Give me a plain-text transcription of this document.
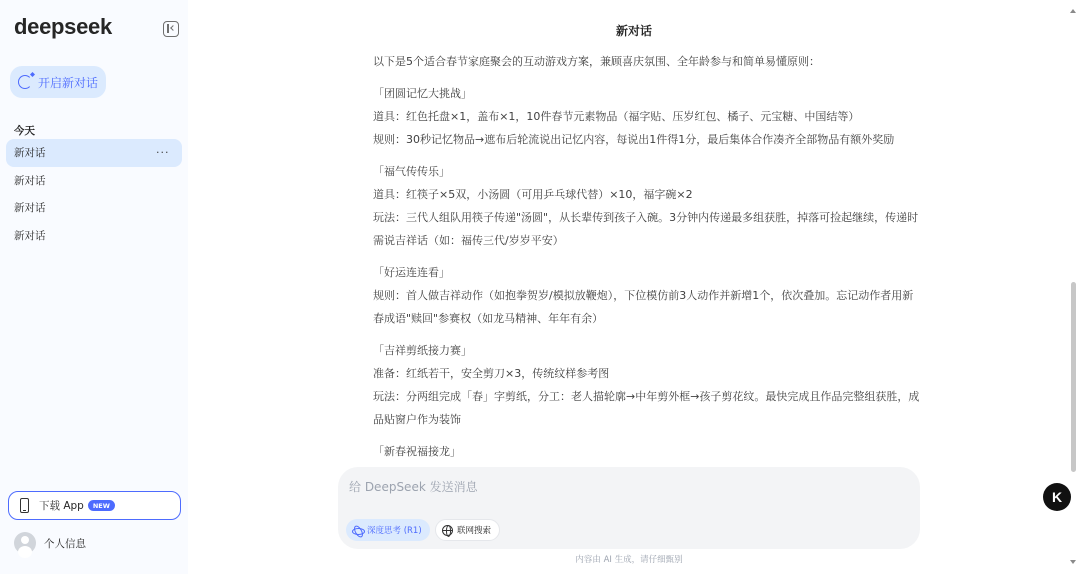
deepseek
开启新对话
今天
新对话	···
新对话
新对话
新对话
下载 App	NEW
个人信息
新对话

以下是5个适合春节家庭聚会的互动游戏方案，兼顾喜庆氛围、全年龄参与和简单易懂原则：

「团圆记忆大挑战」

道具：红色托盘×1，盖布×1，10件春节元素物品（福字贴、压岁红包、橘子、元宝糖、中国结等）

规则：30秒记忆物品→遮布后轮流说出记忆内容，每说出1件得1分，最后集体合作凑齐全部物品有额外奖励

「福气传传乐」

道具：红筷子×5双，小汤圆（可用乒乓球代替）×10，福字碗×2

玩法：三代人组队用筷子传递"汤圆"，从长辈传到孩子入碗。3分钟内传递最多组获胜，掉落可捡起继续，传递时需说吉祥话（如：福传三代/岁岁平安）

「好运连连看」

规则：首人做吉祥动作（如抱拳贺岁/模拟放鞭炮），下位模仿前3人动作并新增1个，依次叠加。忘记动作者用新春成语"赎回"参赛权（如龙马精神、年年有余）

「吉祥剪纸接力赛」

准备：红纸若干，安全剪刀×3，传统纹样参考图

玩法：分两组完成「春」字剪纸，分工：老人描轮廓→中年剪外框→孩子剪花纹。最快完成且作品完整组获胜，成品贴窗户作为装饰

「新春祝福接龙」

给 DeepSeek 发送消息
深度思考 (R1)	联网搜索
内容由 AI 生成，请仔细甄别
K
